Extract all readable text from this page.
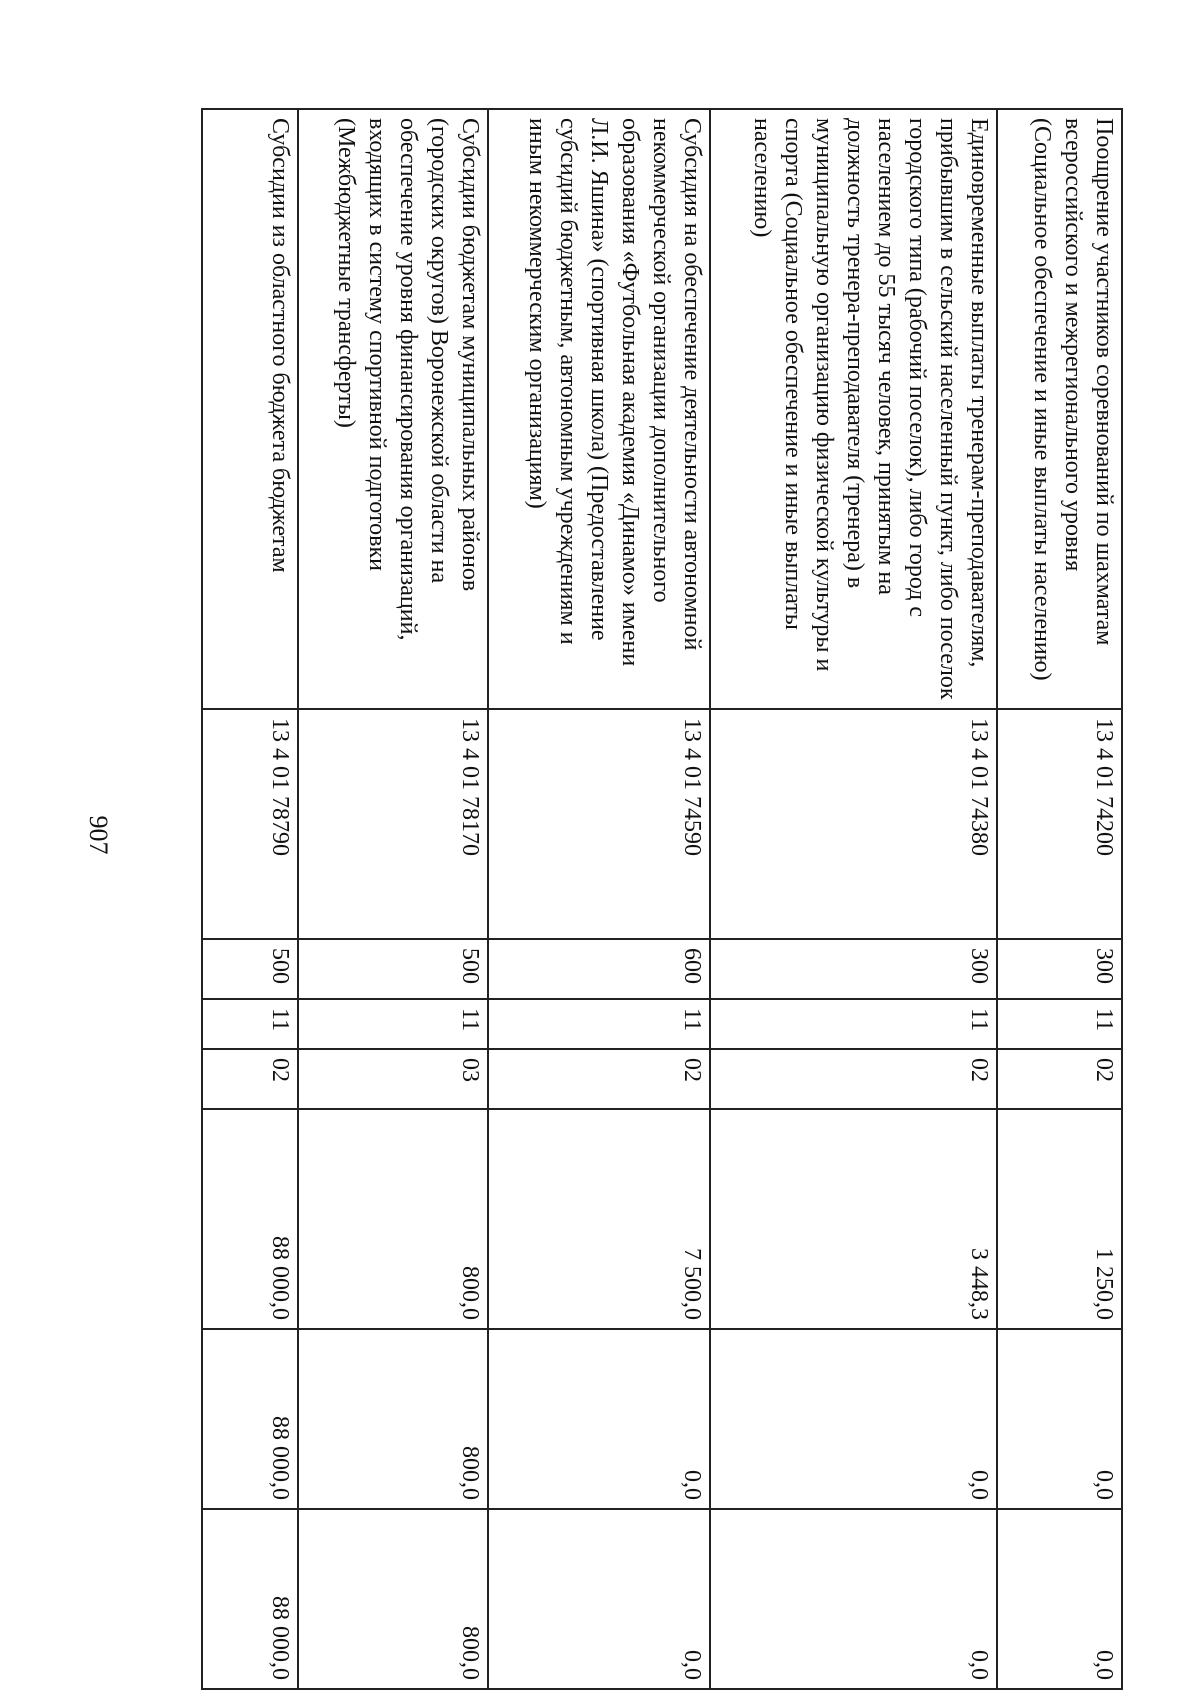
907
Поощрение участников соревнований по шахматам всероссийского и межрегионального уровня (Социальное обеспечение и иные выплаты населению)	13 4 01 74200	300	11	02	1 250,0	0,0	0,0
Единовременные выплаты тренерам-преподавателям, прибывшим в сельский населенный пункт, либо поселок городского типа (рабочий поселок), либо город с населением до 55 тысяч человек, принятым на должность тренера-преподавателя (тренера) в муниципальную организацию физической культуры и спорта (Социальное обеспечение и иные выплаты населению)	13 4 01 74380	300	11	02	3 448,3	0,0	0,0
Субсидия на обеспечение деятельности автономной некоммерческой организации дополнительного образования «Футбольная академия «Динамо» имени Л.И. Яшина» (спортивная школа) (Предоставление субсидий бюджетным, автономным учреждениям и иным некоммерческим организациям)	13 4 01 74590	600	11	02	7 500,0	0,0	0,0
Субсидии бюджетам муниципальных районов (городских округов) Воронежской области на обеспечение уровня финансирования организаций, входящих в систему спортивной подготовки (Межбюджетные трансферты)	13 4 01 78170	500	11	03	800,0	800,0	800,0
Субсидии из областного бюджета бюджетам	13 4 01 78790	500	11	02	88 000,0	88 000,0	88 000,0
